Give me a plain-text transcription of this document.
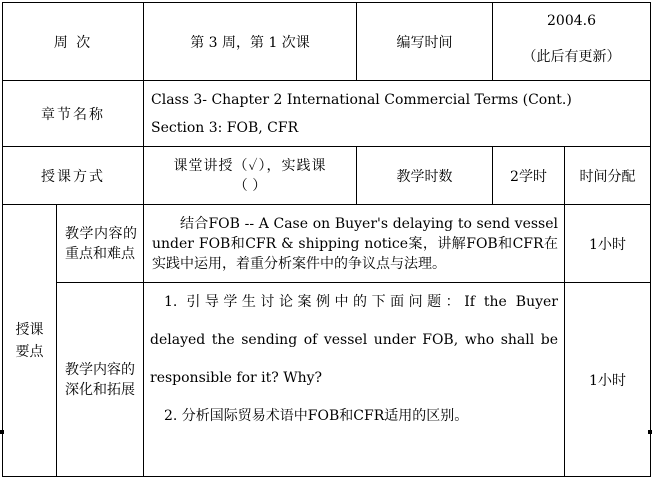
周 次		第 3 周，第 1 次课	编写时间	2004.6
（此后有更新）	

章节名称		Class 3- Chapter 2 International Commercial Terms (Cont.)
Section 3: FOB, CFR			

授课方式		课堂讲授（✓），实践课
（ ）	教学时数	2学时	时间分配

授课要点	教学内容的重点和难点	结合FOB -- A Case on Buyer's delaying to send vessel under FOB和CFR & shipping notice案，讲解FOB和CFR在实践中运用，着重分析案件中的争议点与法理。			1小时

	教学内容的深化和拓展	1. 引导学生讨论案例中的下面问题：If the Buyer

delayed the sending of vessel under FOB, who shall be

responsible for it? Why?

2. 分析国际贸易术语中FOB和CFR适用的区别。			1小时
